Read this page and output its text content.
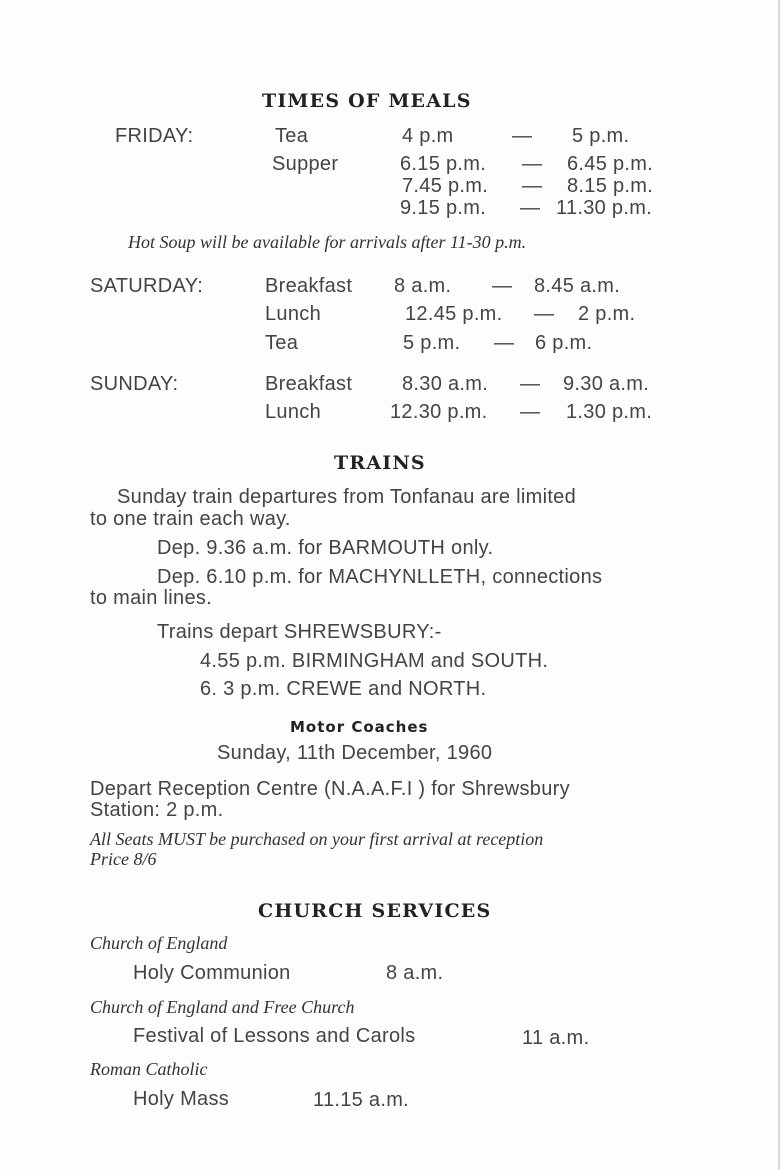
TIMES OF MEALS
FRIDAY:	Tea	4 p.m	— 5 p.m.
Supper	6.15 p.m. — 6.45 p.m.
7.45 p.m. — 8.15 p.m.
9.15 p.m. — 11.30 p.m.
Hot Soup will be available for arrivals after 11-30 p.m.
SATURDAY:	Breakfast 8 a.m. — 8.45 a.m.
Lunch	12.45 p.m. — 2 p.m.
Tea	5 p.m. — 6 p.m.
SUNDAY:	Breakfast 8.30 a.m. — 9.30 a.m.
Lunch	12.30 p.m. — 1.30 p.m.
TRAINS
Sunday train departures from Tonfanau are limited
to one train each way.
Dep. 9.36 a.m. for BARMOUTH only.
Dep. 6.10 p.m. for MACHYNLLETH, connections
to main lines.
Trains depart SHREWSBURY:-
4.55 p.m. BIRMINGHAM and SOUTH.
6. 3 p.m. CREWE and NORTH.
Motor Coaches
Sunday, 11th December, 1960
Depart Reception Centre (N.A.A.F.I ) for Shrewsbury
Station: 2 p.m.
All Seats MUST be purchased on your first arrival at reception
Price 8/6
CHURCH SERVICES
Church of England
Holy Communion	8 a.m.
Church of England and Free Church
Festival of Lessons and Carols	11 a.m.
Roman Catholic
Holy Mass	11.15 a.m.
